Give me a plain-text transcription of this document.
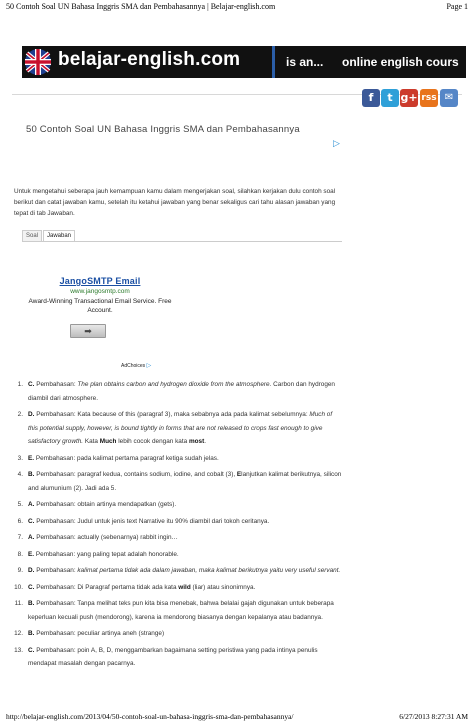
50 Contoh Soal UN Bahasa Inggris SMA dan Pembahasannya | Belajar-english.com	Page 1
belajar-english.com	is an... online english cours
f	t g+ rss ✉
50 Contoh Soal UN Bahasa Inggris SMA dan Pembahasannya
▷

Untuk mengetahui seberapa jauh kemampuan kamu dalam mengerjakan soal, silahkan kerjakan dulu contoh soal berikut dan catat jawaban kamu, setelah itu ketahui jawaban yang benar sekaligus cari tahu alasan jawaban yang tepat di tab Jawaban.

Soal	Jawaban
JangoSMTP Email
www.jangosmtp.com
Award-Winning Transactional Email Service. Free Account.
➡
AdChoices ▷
1. C. Pembahasan: The plan obtains carbon and hydrogen dioxide from the atmosphere. Carbon dan hydrogen diambil dari atmosphere.
2. D. Pembahasan: Kata because of this (paragraf 3), maka sebabnya ada pada kalimat sebelumnya: Much of this potential supply, however, is bound tightly in forms that are not released to crops fast enough to give satisfactory growth. Kata Much lebih cocok dengan kata most.
3. E. Pembahasan: pada kalimat pertama paragraf ketiga sudah jelas.
4. B. Pembahasan: paragraf kedua, contains sodium, iodine, and cobalt (3), Elanjutkan kalimat berikutnya, silicon and alumunium (2). Jadi ada 5.
5. A. Pembahasan: obtain artinya mendapatkan (gets).
6. C. Pembahasan: Judul untuk jenis text Narrative itu 90% diambil dari tokoh ceritanya.
7. A. Pembahasan: actually (sebenarnya) rabbit ingin…
8. E. Pembahasan: yang paling tepat adalah honorable.
9. D. Pembahasan: kalimat pertama tidak ada dalam jawaban, maka kalimat berikutnya yaitu very useful servant.
10. C. Pembahasan: Di Paragraf pertama tidak ada kata wild (liar) atau sinonimnya.
11. B. Pembahasan: Tanpa melihat teks pun kita bisa menebak, bahwa belalai gajah digunakan untuk beberapa keperluan kecuali push (mendorong), karena ia mendorong biasanya dengan kepalanya atau badannya.
12. B. Pembahasan: peculiar artinya aneh (strange)
13. C. Pembahasan: poin A, B, D, menggambarkan bagaimana setting peristiwa yang pada intinya penulis mendapat masalah dengan pacarnya.
http://belajar-english.com/2013/04/50-contoh-soal-un-bahasa-inggris-sma-dan-pembahasannya/	6/27/2013 8:27:31 AM
